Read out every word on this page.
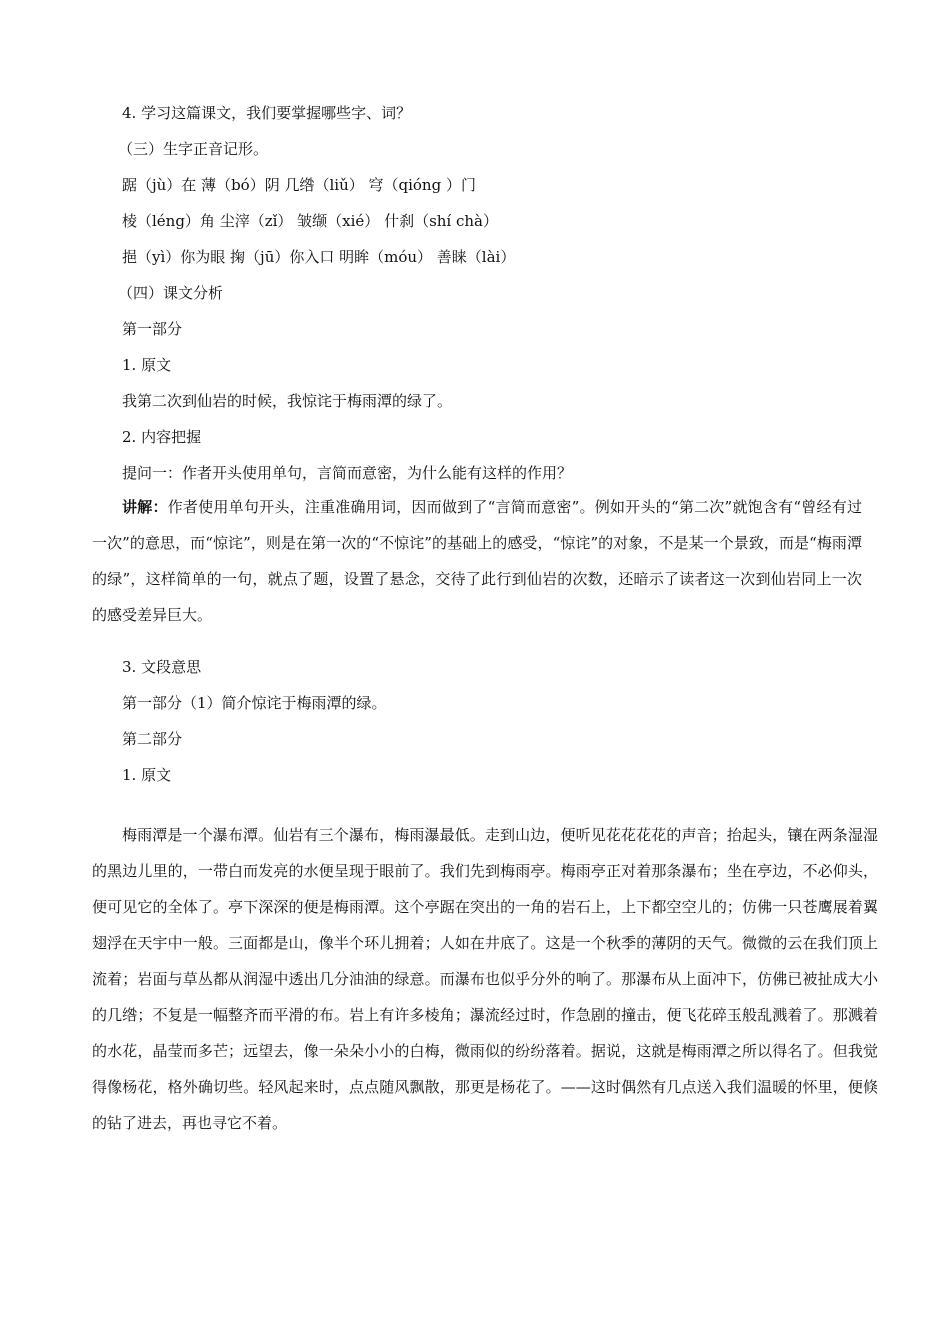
4. 学习这篇课文，我们要掌握哪些字、词？
（三）生字正音记形。
踞（jù）在 薄（bó）阴 几绺（liǔ） 穹（qióng ）门
棱（léng）角 尘滓（zǐ） 皱缬（xié） 什刹（shí chà）
挹（yì）你为眼 掬（jū）你入口 明眸（móu） 善睐（lài）
（四）课文分析
第一部分
1. 原文
我第二次到仙岩的时候，我惊诧于梅雨潭的绿了。
2. 内容把握
提问一：作者开头使用单句，言简而意密，为什么能有这样的作用？
讲解：作者使用单句开头，注重准确用词，因而做到了“言简而意密”。例如开头的“第二次”就饱含有“曾经有过一次”的意思，而“惊诧”，则是在第一次的“不惊诧”的基础上的感受，“惊诧”的对象，不是某一个景致，而是“梅雨潭的绿”，这样简单的一句，就点了题，设置了悬念，交待了此行到仙岩的次数，还暗示了读者这一次到仙岩同上一次的感受差异巨大。
3. 文段意思
第一部分（1）简介惊诧于梅雨潭的绿。
第二部分
1. 原文
梅雨潭是一个瀑布潭。仙岩有三个瀑布，梅雨瀑最低。走到山边，便听见花花花花的声音；抬起头，镶在两条湿湿的黑边儿里的，一带白而发亮的水便呈现于眼前了。我们先到梅雨亭。梅雨亭正对着那条瀑布；坐在亭边，不必仰头，便可见它的全体了。亭下深深的便是梅雨潭。这个亭踞在突出的一角的岩石上，上下都空空儿的；仿佛一只苍鹰展着翼翅浮在天宇中一般。三面都是山，像半个环儿拥着；人如在井底了。这是一个秋季的薄阴的天气。微微的云在我们顶上流着；岩面与草丛都从润湿中透出几分油油的绿意。而瀑布也似乎分外的响了。那瀑布从上面冲下，仿佛已被扯成大小的几绺；不复是一幅整齐而平滑的布。岩上有许多棱角；瀑流经过时，作急剧的撞击，便飞花碎玉般乱溅着了。那溅着的水花，晶莹而多芒；远望去，像一朵朵小小的白梅，微雨似的纷纷落着。据说，这就是梅雨潭之所以得名了。但我觉得像杨花，格外确切些。轻风起来时，点点随风飘散，那更是杨花了。——这时偶然有几点送入我们温暖的怀里，便倏的钻了进去，再也寻它不着。
